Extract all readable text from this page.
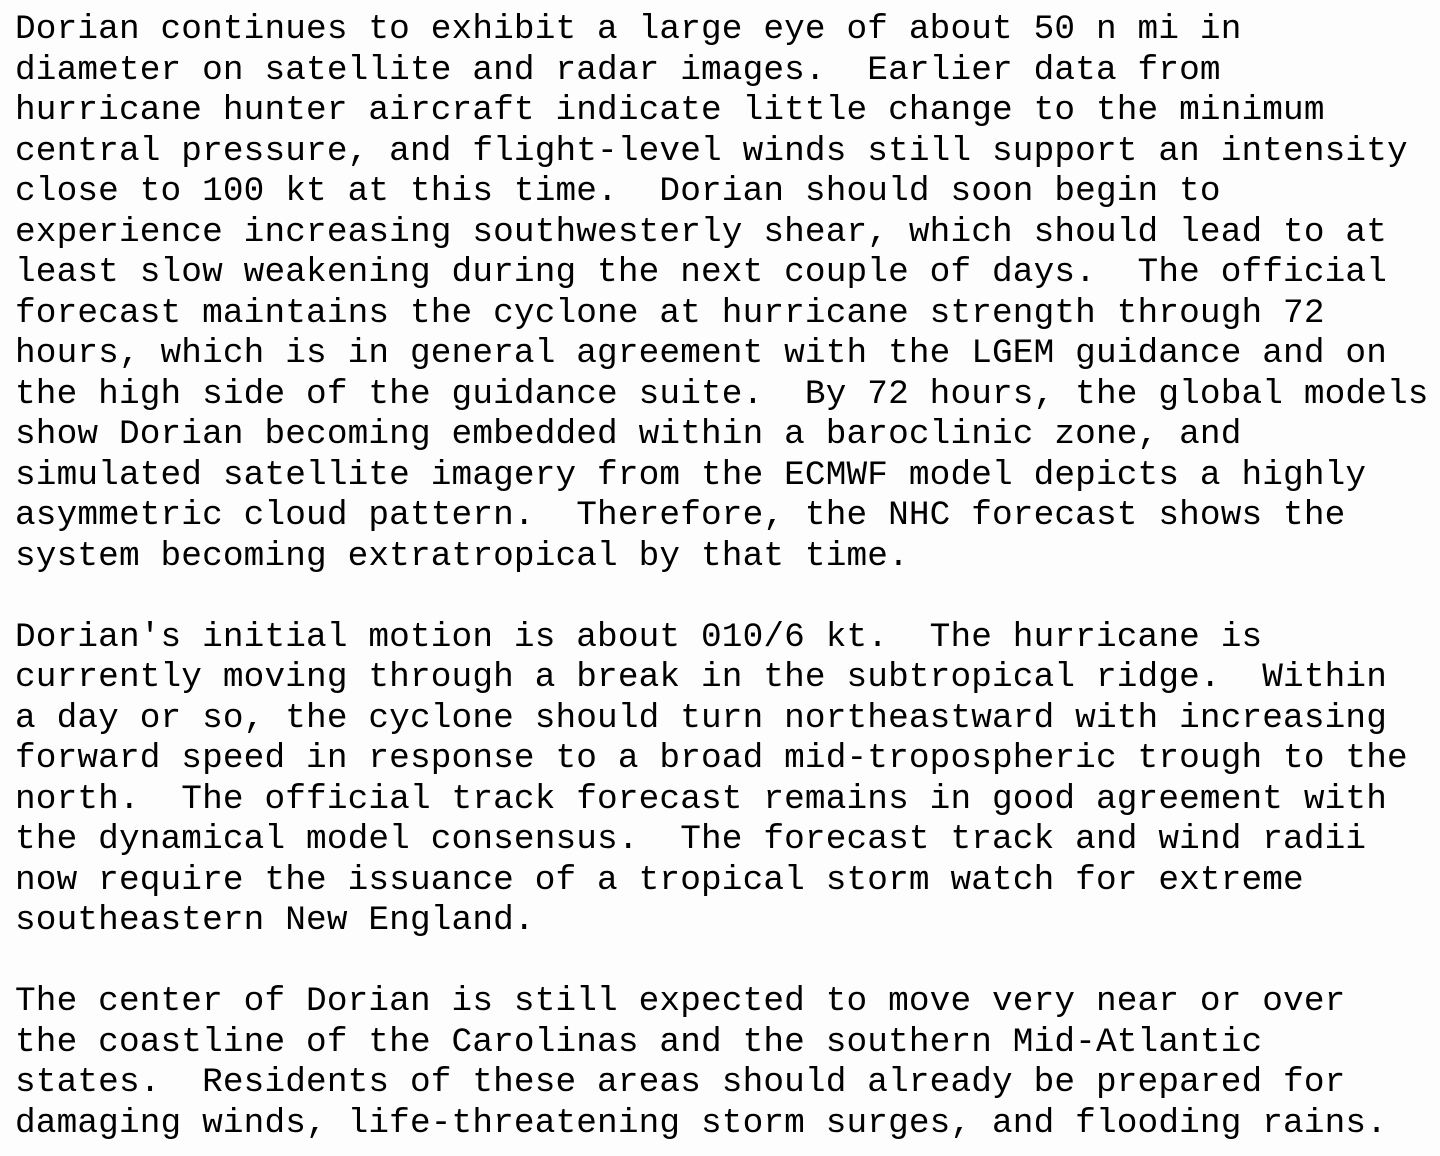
Dorian continues to exhibit a large eye of about 50 n mi in
diameter on satellite and radar images.  Earlier data from
hurricane hunter aircraft indicate little change to the minimum
central pressure, and flight-level winds still support an intensity
close to 100 kt at this time.  Dorian should soon begin to
experience increasing southwesterly shear, which should lead to at
least slow weakening during the next couple of days.  The official
forecast maintains the cyclone at hurricane strength through 72
hours, which is in general agreement with the LGEM guidance and on
the high side of the guidance suite.  By 72 hours, the global models
show Dorian becoming embedded within a baroclinic zone, and
simulated satellite imagery from the ECMWF model depicts a highly
asymmetric cloud pattern.  Therefore, the NHC forecast shows the
system becoming extratropical by that time.
Dorian's initial motion is about 010/6 kt.  The hurricane is
currently moving through a break in the subtropical ridge.  Within
a day or so, the cyclone should turn northeastward with increasing
forward speed in response to a broad mid-tropospheric trough to the
north.  The official track forecast remains in good agreement with
the dynamical model consensus.  The forecast track and wind radii
now require the issuance of a tropical storm watch for extreme
southeastern New England.
The center of Dorian is still expected to move very near or over
the coastline of the Carolinas and the southern Mid-Atlantic
states.  Residents of these areas should already be prepared for
damaging winds, life-threatening storm surges, and flooding rains.
